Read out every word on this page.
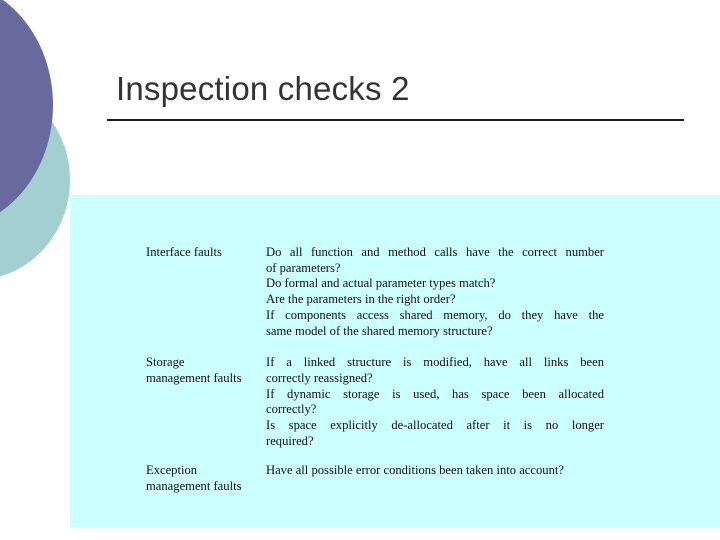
Inspection checks 2
Interface faults	Do all function and method calls have the correct number
of parameters?
Do formal and actual parameter types match?
Are the parameters in the right order?
If components access shared memory, do they have the
same model of the shared memory structure?
Storage
management faults
If a linked structure is modified, have all links been
correctly reassigned?
If dynamic storage is used, has space been allocated
correctly?
Is space explicitly de-allocated after it is no longer
required?
Exception
management faults
Have all possible error conditions been taken into account?
